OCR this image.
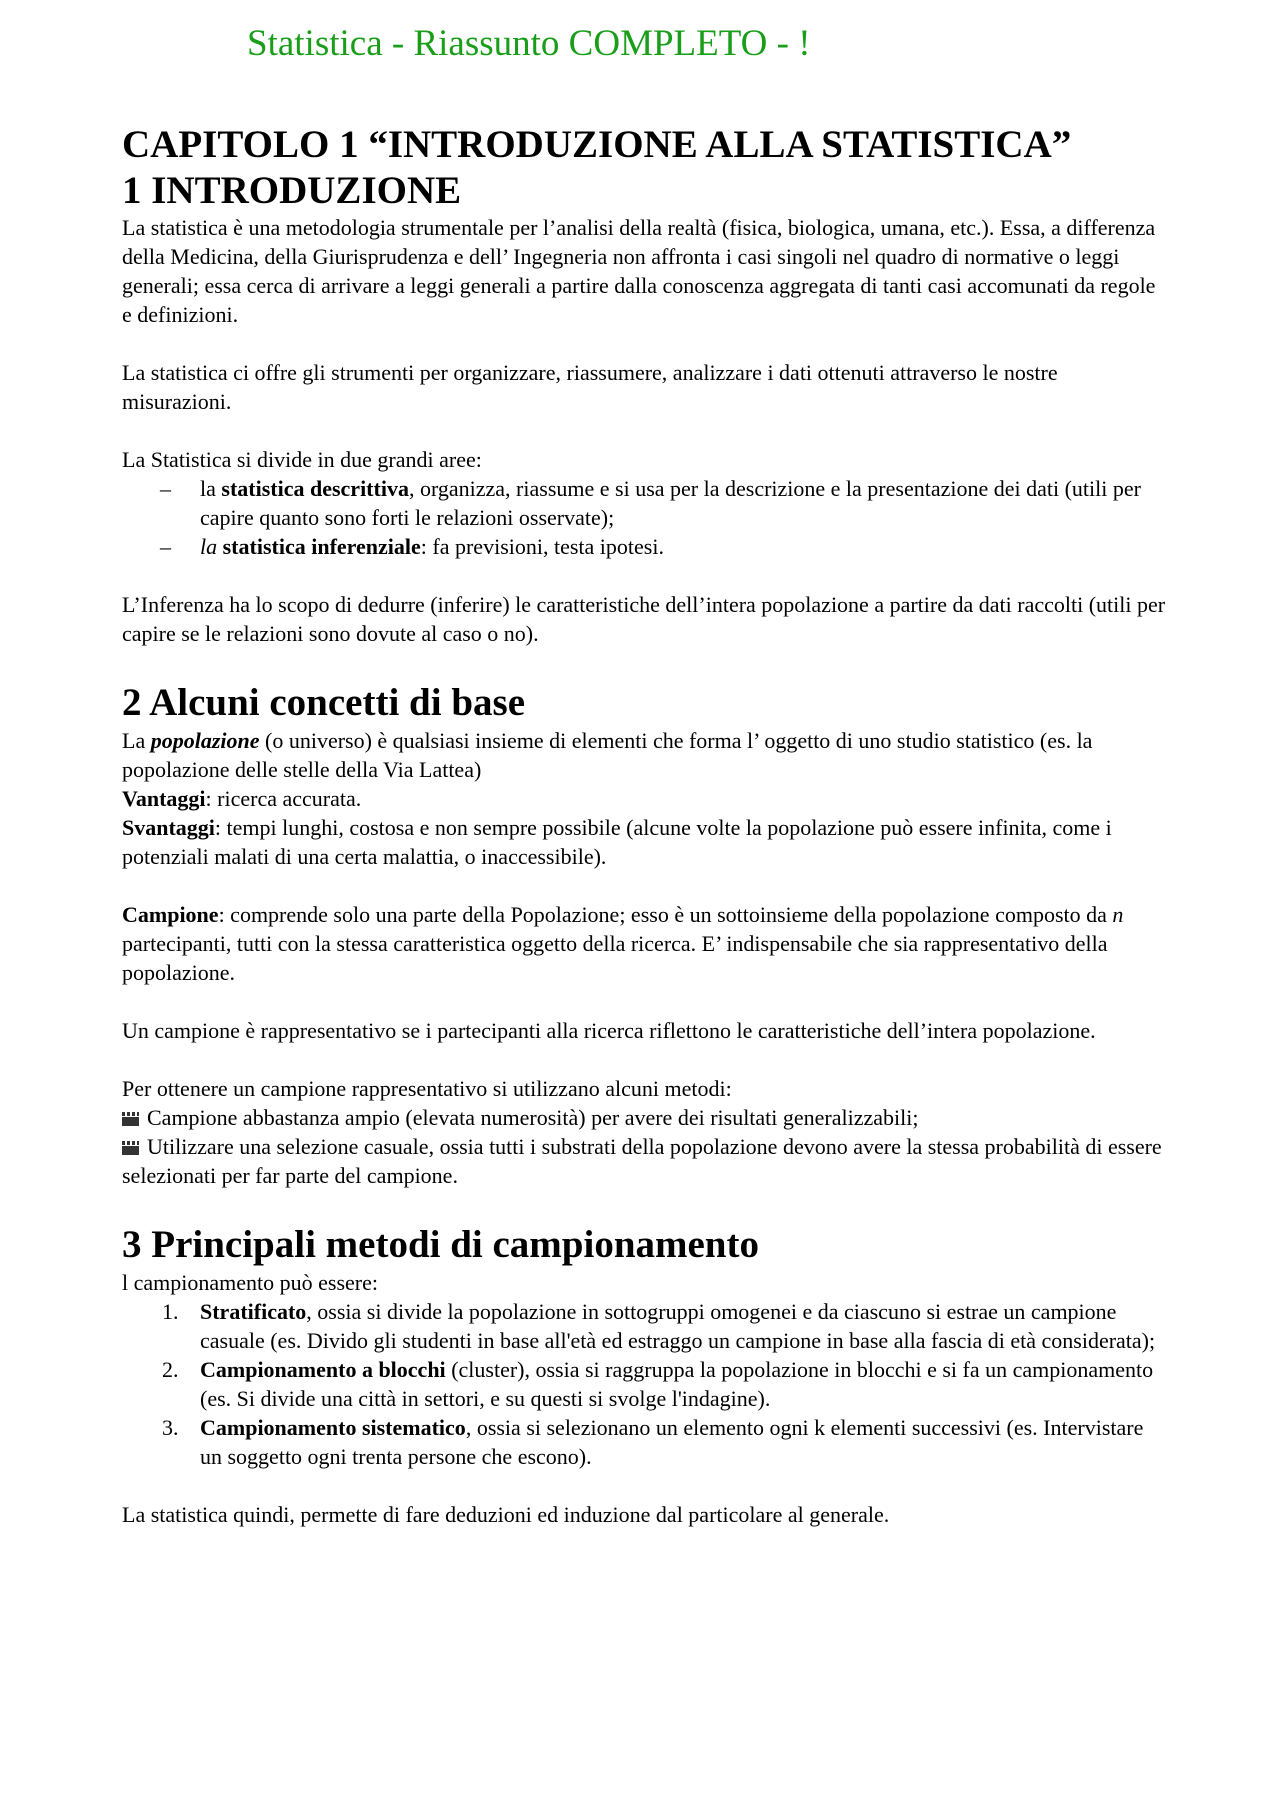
Statistica - Riassunto COMPLETO - !
CAPITOLO 1 “INTRODUZIONE ALLA STATISTICA”
1 INTRODUZIONE

La statistica è una metodologia strumentale per l’analisi della realtà (fisica, biologica, umana, etc.). Essa, a differenza della Medicina, della Giurisprudenza e dell’ Ingegneria non affronta i casi singoli nel quadro di normative o leggi generali; essa cerca di arrivare a leggi generali a partire dalla conoscenza aggregata di tanti casi accomunati da regole e definizioni.

La statistica ci offre gli strumenti per organizzare, riassumere, analizzare i dati ottenuti attraverso le nostre misurazioni.

La Statistica si divide in due grandi aree:

– la statistica descrittiva, organizza, riassume e si usa per la descrizione e la presentazione dei dati (utili per capire quanto sono forti le relazioni osservate);
– la statistica inferenziale: fa previsioni, testa ipotesi.

L’Inferenza ha lo scopo di dedurre (inferire) le caratteristiche dell’intera popolazione a partire da dati raccolti (utili per capire se le relazioni sono dovute al caso o no).

2 Alcuni concetti di base

La popolazione (o universo) è qualsiasi insieme di elementi che forma l’ oggetto di uno studio statistico (es. la popolazione delle stelle della Via Lattea)

Vantaggi: ricerca accurata.

Svantaggi: tempi lunghi, costosa e non sempre possibile (alcune volte la popolazione può essere infinita, come i potenziali malati di una certa malattia, o inaccessibile).

Campione: comprende solo una parte della Popolazione; esso è un sottoinsieme della popolazione composto da n partecipanti, tutti con la stessa caratteristica oggetto della ricerca. E’ indispensabile che sia rappresentativo della popolazione.

Un campione è rappresentativo se i partecipanti alla ricerca riflettono le caratteristiche dell’intera popolazione.

Per ottenere un campione rappresentativo si utilizzano alcuni metodi:

Campione abbastanza ampio (elevata numerosità) per avere dei risultati generalizzabili;
Utilizzare una selezione casuale, ossia tutti i substrati della popolazione devono avere la stessa probabilità di essere selezionati per far parte del campione.
3 Principali metodi di campionamento

l campionamento può essere:

1. Stratificato, ossia si divide la popolazione in sottogruppi omogenei e da ciascuno si estrae un campione casuale (es. Divido gli studenti in base all'età ed estraggo un campione in base alla fascia di età considerata);
2. Campionamento a blocchi (cluster), ossia si raggruppa la popolazione in blocchi e si fa un campionamento (es. Si divide una città in settori, e su questi si svolge l'indagine).
3. Campionamento sistematico, ossia si selezionano un elemento ogni k elementi successivi (es. Intervistare un soggetto ogni trenta persone che escono).

La statistica quindi, permette di fare deduzioni ed induzione dal particolare al generale.
